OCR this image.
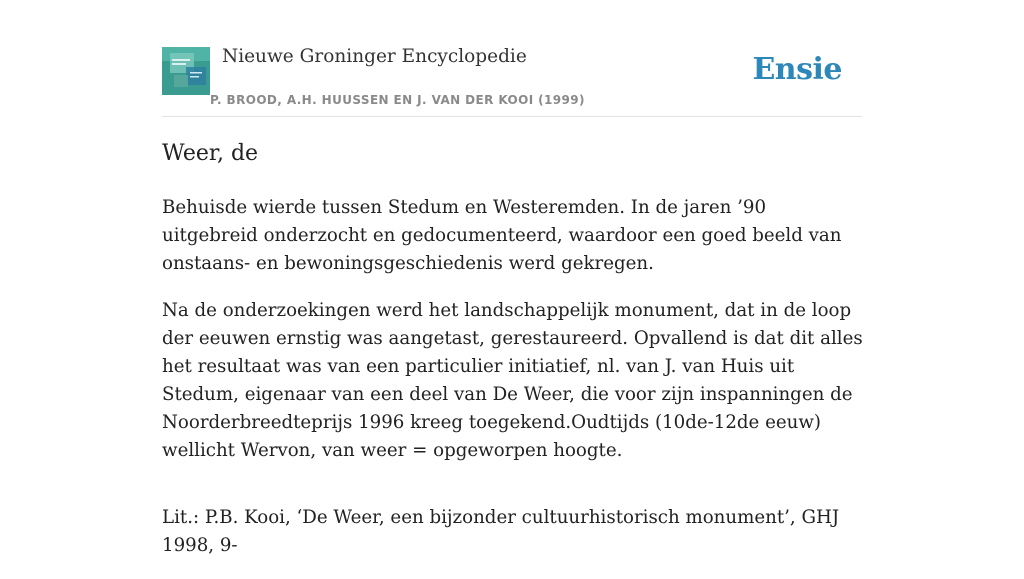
Nieuwe Groninger Encyclopedie
P. BROOD, A.H. HUUSSEN EN J. VAN DER KOOI (1999)
Ensie
Weer, de

Behuisde wierde tussen Stedum en Westeremden. In de jaren ’90 uitgebreid onderzocht en gedocumenteerd, waardoor een goed beeld van onstaans- en bewoningsgeschiedenis werd gekregen.

Na de onderzoekingen werd het landschappelijk monument, dat in de loop der eeuwen ernstig was aangetast, gerestaureerd. Opvallend is dat dit alles het resultaat was van een particulier initiatief, nl. van J. van Huis uit Stedum, eigenaar van een deel van De Weer, die voor zijn inspanningen de Noorderbreedteprijs 1996 kreeg toegekend.Oudtijds (10de-12de eeuw) wellicht Wervon, van weer = opgeworpen hoogte.

Lit.: P.B. Kooi, ‘De Weer, een bijzonder cultuurhistorisch monument’, GHJ 1998, 9-
